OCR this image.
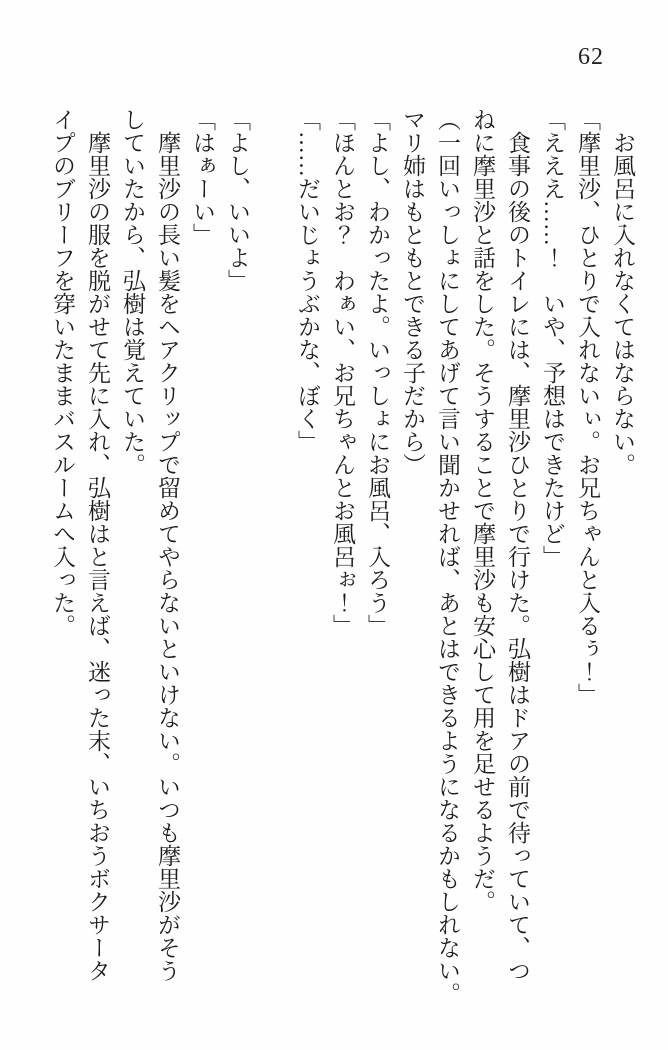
62

　お風呂に入れなくてはならない。

「摩里沙、ひとりで入れないぃ。お兄ちゃんと入るぅ！」

「えええ……！　いや、予想はできたけど」

　食事の後のトイレには、摩里沙ひとりで行けた。弘樹はドアの前で待っていて、つ

ねに摩里沙と話をした。そうすることで摩里沙も安心して用を足せるようだ。

（一回いっしょにしてあげて言い聞かせれば、あとはできるようになるかもしれない。

マリ姉はもともとできる子だから）

「よし、わかったよ。いっしょにお風呂、入ろう」

「ほんとお？　わぁい、お兄ちゃんとお風呂ぉ！」

「……だいじょうぶかな、ぼく」

「よし、いいよ」

「はぁーい」

　摩里沙の長い髪をヘアクリップで留めてやらないといけない。いつも摩里沙がそう

していたから、弘樹は覚えていた。

　摩里沙の服を脱がせて先に入れ、弘樹はと言えば、迷った末、いちおうボクサータ

イプのブリーフを穿いたままバスルームへ入った。
